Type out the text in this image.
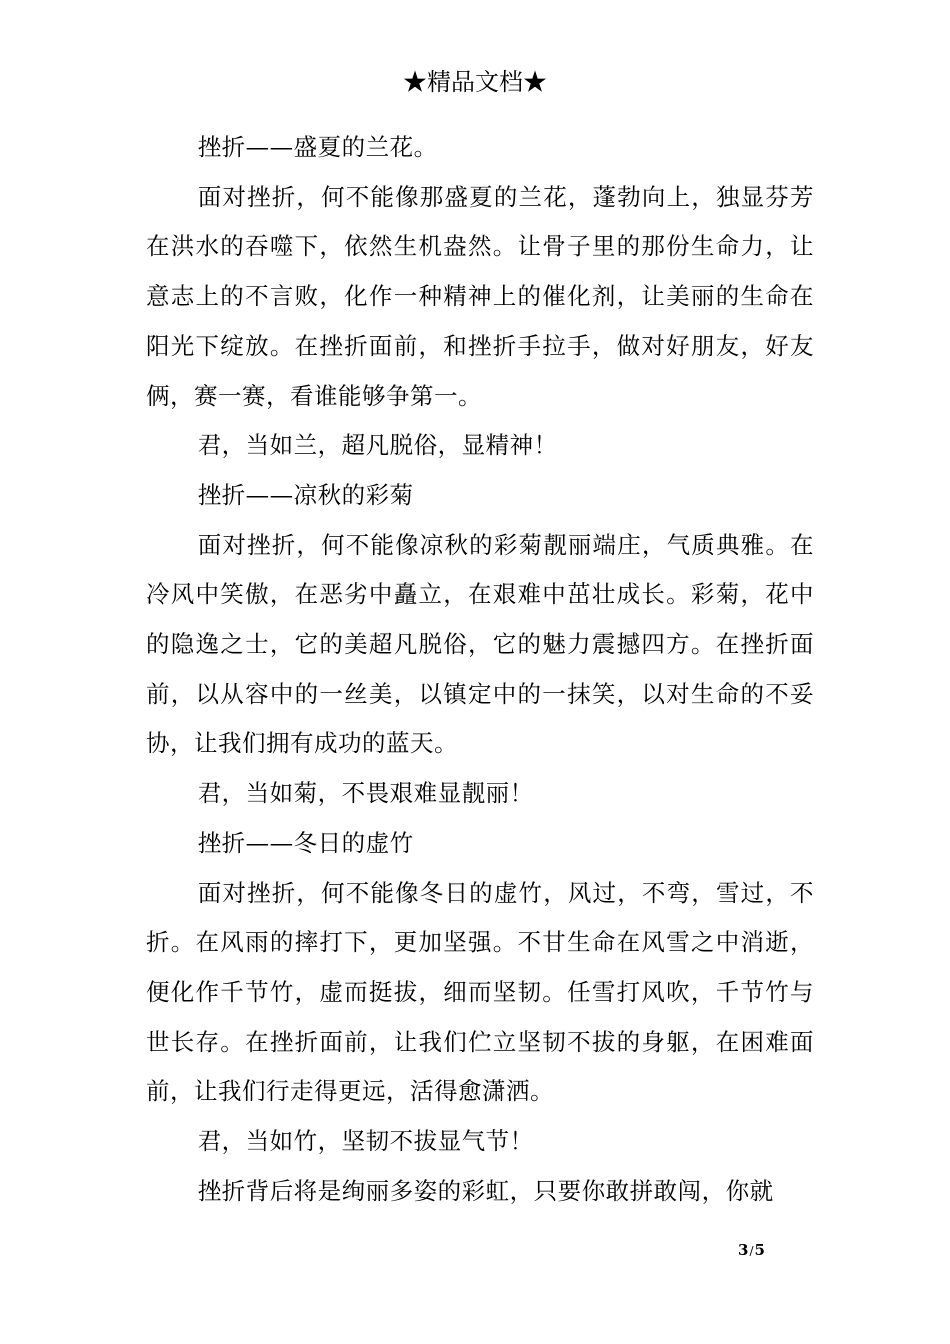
★精品文档★

挫折——盛夏的兰花。

面对挫折，何不能像那盛夏的兰花，蓬勃向上，独显芬芳在洪水的吞噬下，依然生机盎然。让骨子里的那份生命力，让意志上的不言败，化作一种精神上的催化剂，让美丽的生命在阳光下绽放。在挫折面前，和挫折手拉手，做对好朋友，好友俩，赛一赛，看谁能够争第一。

君，当如兰，超凡脱俗，显精神！

挫折——凉秋的彩菊

面对挫折，何不能像凉秋的彩菊靓丽端庄，气质典雅。在冷风中笑傲，在恶劣中矗立，在艰难中茁壮成长。彩菊，花中的隐逸之士，它的美超凡脱俗，它的魅力震撼四方。在挫折面前，以从容中的一丝美，以镇定中的一抹笑，以对生命的不妥协，让我们拥有成功的蓝天。

君，当如菊，不畏艰难显靓丽！

挫折——冬日的虚竹

面对挫折，何不能像冬日的虚竹，风过，不弯，雪过，不折。在风雨的摔打下，更加坚强。不甘生命在风雪之中消逝，便化作千节竹，虚而挺拔，细而坚韧。任雪打风吹，千节竹与世长存。在挫折面前，让我们伫立坚韧不拔的身躯，在困难面前，让我们行走得更远，活得愈潇洒。

君，当如竹，坚韧不拔显气节！

挫折背后将是绚丽多姿的彩虹，只要你敢拼敢闯，你就

3/5
